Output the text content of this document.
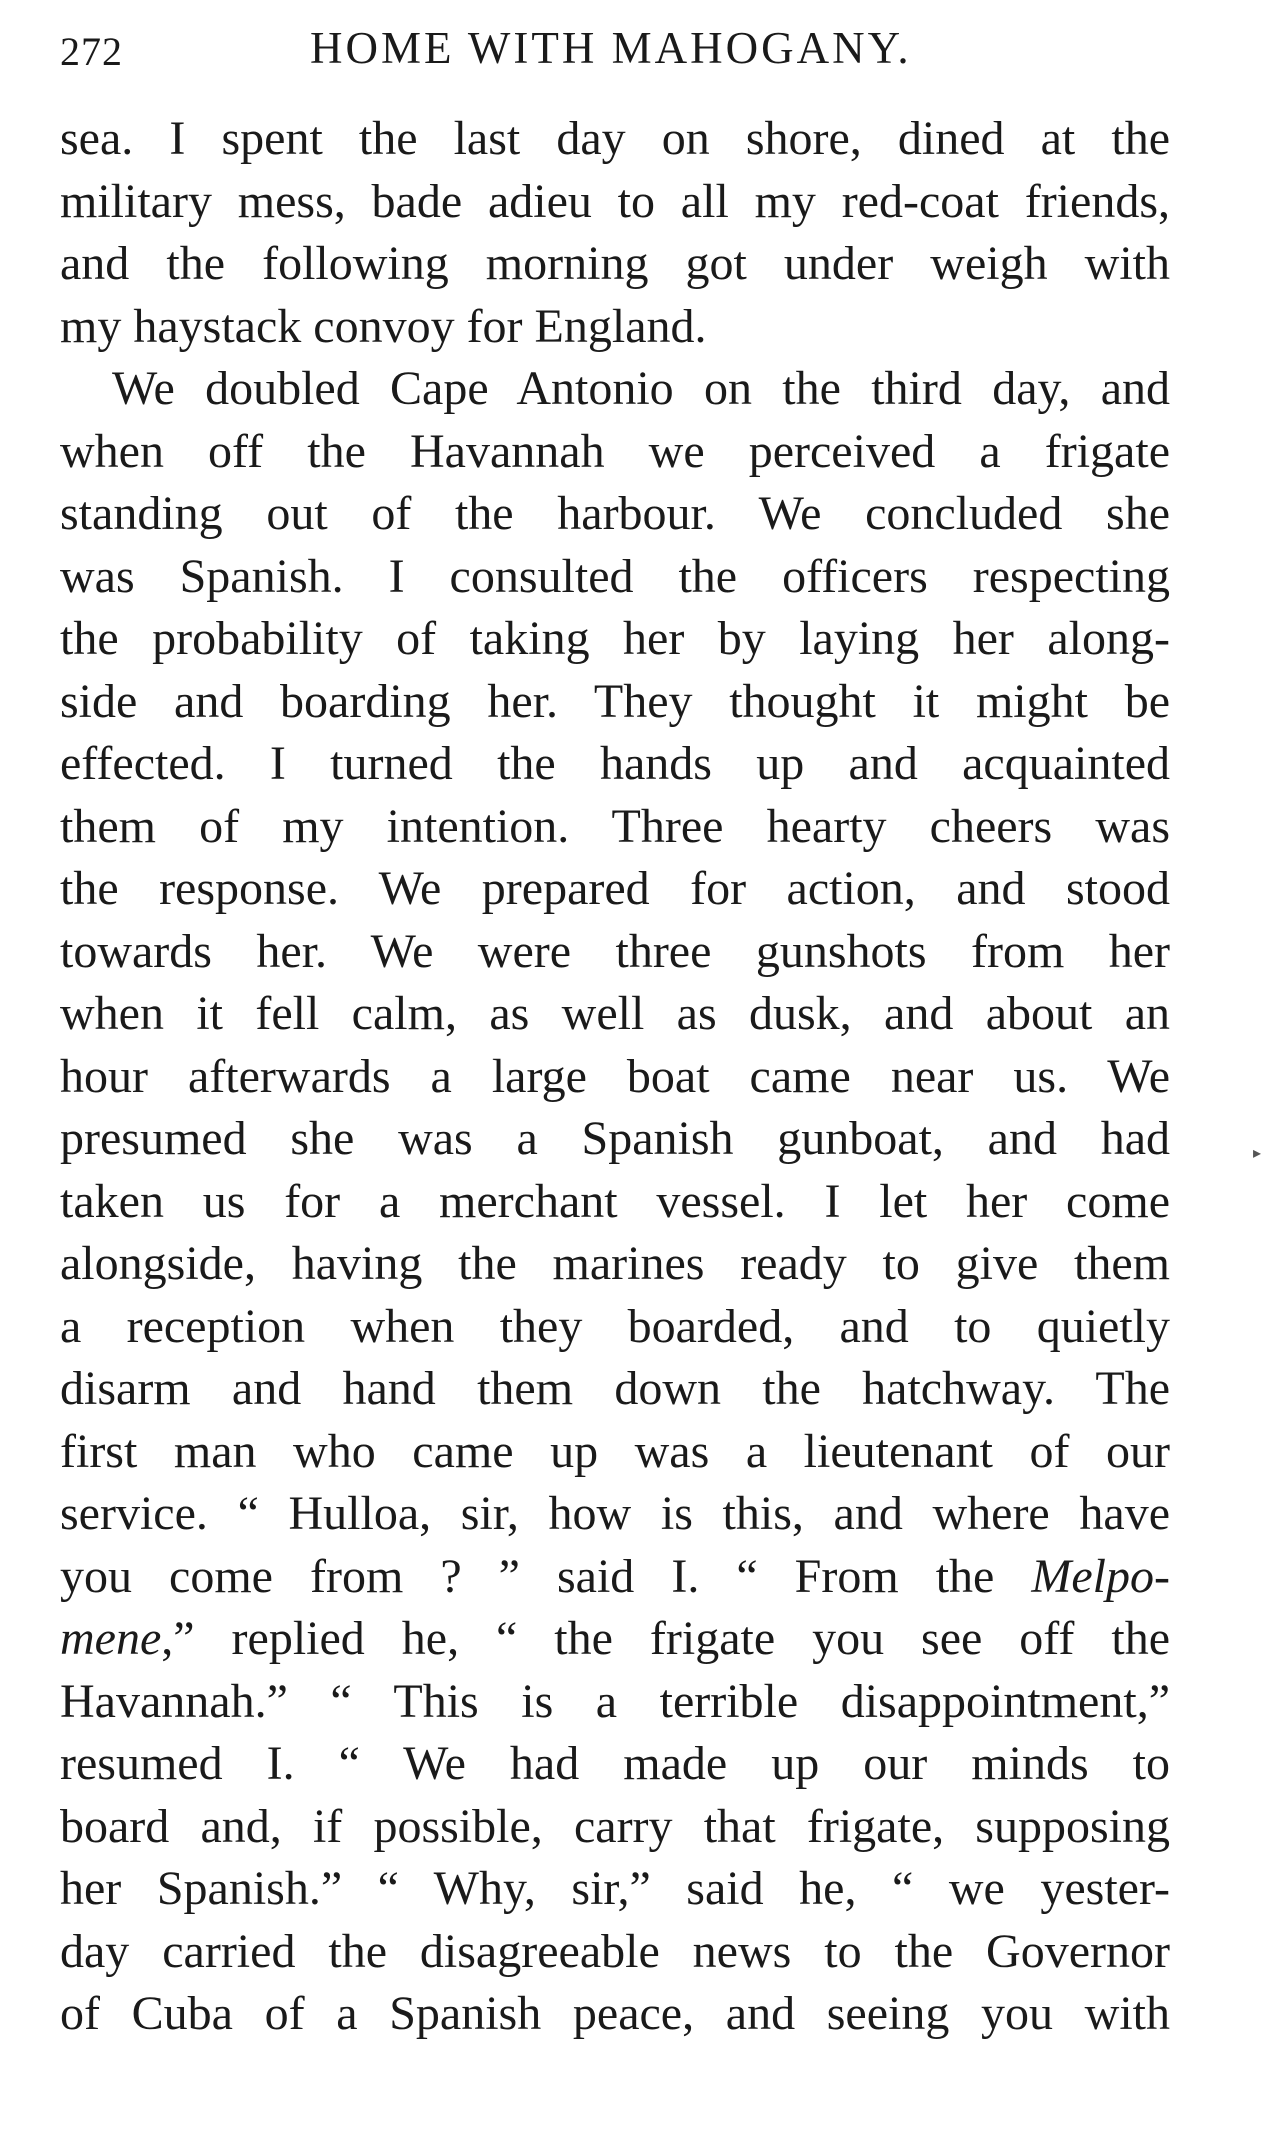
272	HOME WITH MAHOGANY.
sea. I spent the last day on shore, dined at the
military mess, bade adieu to all my red-coat friends,
and the following morning got under weigh with
my haystack convoy for England.
We doubled Cape Antonio on the third day, and
when off the Havannah we perceived a frigate
standing out of the harbour. We concluded she
was Spanish. I consulted the officers respecting
the probability of taking her by laying her along-
side and boarding her. They thought it might be
effected. I turned the hands up and acquainted
them of my intention. Three hearty cheers was
the response. We prepared for action, and stood
towards her. We were three gunshots from her
when it fell calm, as well as dusk, and about an
hour afterwards a large boat came near us. We
presumed she was a Spanish gunboat, and had
taken us for a merchant vessel. I let her come
alongside, having the marines ready to give them
a reception when they boarded, and to quietly
disarm and hand them down the hatchway. The
first man who came up was a lieutenant of our
service. “ Hulloa, sir, how is this, and where have
you come from ? ” said I. “ From the Melpo-
mene,” replied he, “ the frigate you see off the
Havannah.” “ This is a terrible disappointment,”
resumed I. “ We had made up our minds to
board and, if possible, carry that frigate, supposing
her Spanish.” “ Why, sir,” said he, “ we yester-
day carried the disagreeable news to the Governor
of Cuba of a Spanish peace, and seeing you with
▸
